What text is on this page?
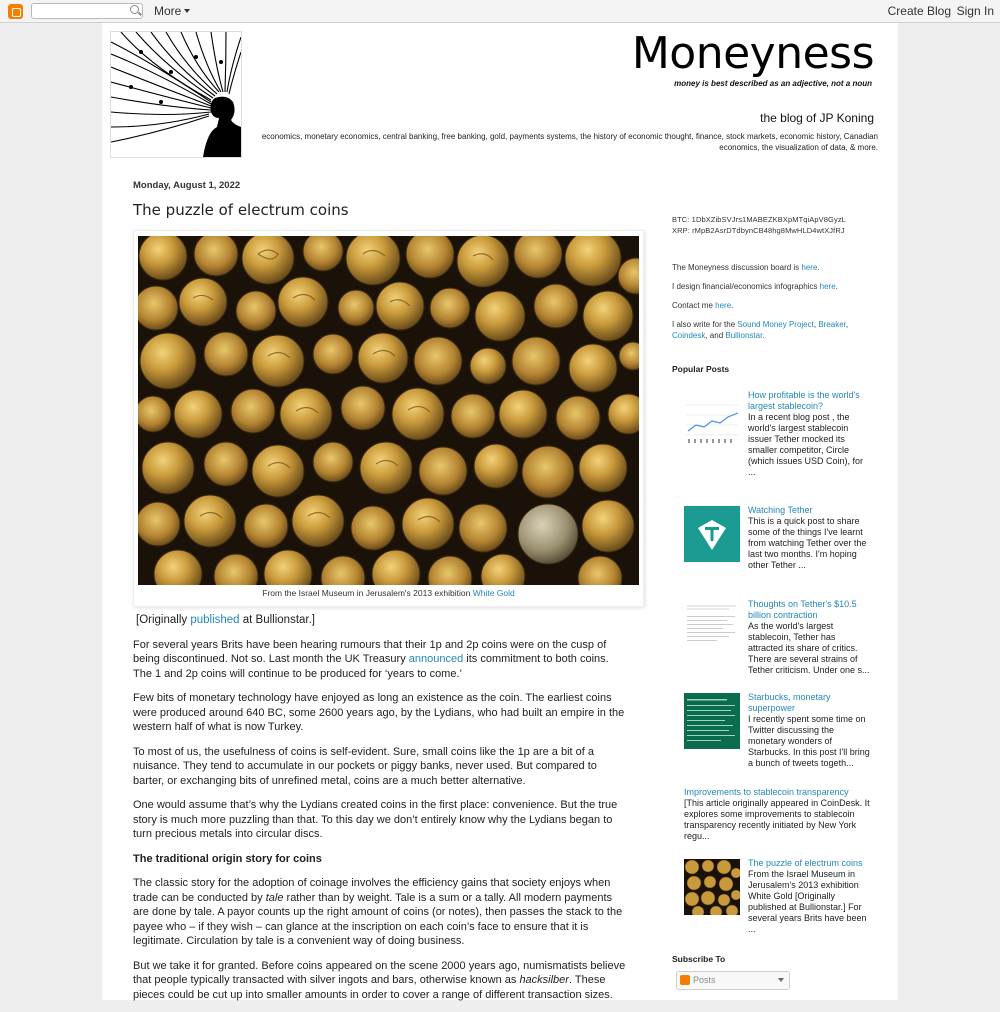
More	Create Blog Sign In
Moneyness
money is best described as an adjective, not a noun
the blog of JP Koning
economics, monetary economics, central banking, free banking, gold, payments systems, the history of economic thought, finance, stock markets, economic history, Canadian economics, the visualization of data, & more.
Monday, August 1, 2022
The puzzle of electrum coins
From the Israel Museum in Jerusalem's 2013 exhibition White Gold

[Originally published at Bullionstar.]

For several years Brits have been hearing rumours that their 1p and 2p coins were on the cusp of being discontinued. Not so. Last month the UK Treasury announced its commitment to both coins. The 1 and 2p coins will continue to be produced for ‘years to come.’

Few bits of monetary technology have enjoyed as long an existence as the coin. The earliest coins were produced around 640 BC, some 2600 years ago, by the Lydians, who had built an empire in the western half of what is now Turkey.

To most of us, the usefulness of coins is self-evident. Sure, small coins like the 1p are a bit of a nuisance. They tend to accumulate in our pockets or piggy banks, never used. But compared to barter, or exchanging bits of unrefined metal, coins are a much better alternative.

One would assume that’s why the Lydians created coins in the first place: convenience. But the true story is much more puzzling than that. To this day we don’t entirely know why the Lydians began to turn precious metals into circular discs.

The traditional origin story for coins

The classic story for the adoption of coinage involves the efficiency gains that society enjoys when trade can be conducted by tale rather than by weight. Tale is a sum or a tally. All modern payments are done by tale. A payor counts up the right amount of coins (or notes), then passes the stack to the payee who – if they wish – can glance at the inscription on each coin’s face to ensure that it is legitimate. Circulation by tale is a convenient way of doing business.

But we take it for granted. Before coins appeared on the scene 2000 years ago, numismatists believe that people typically transacted with silver ingots and bars, otherwise known as hacksilber. These pieces could be cut up into smaller amounts in order to cover a range of different transaction sizes.

BTC: 1DbXZibSVJrs1MABEZKBXpMTqiApV8GyzL
XRP: rMpB2AsrDTdbynCB48hg8MwHLD4wtXJfRJ

The Moneyness discussion board is here.

I design financial/economics infographics here.

Contact me here.

I also write for the Sound Money Project, Breaker, Coindesk, and Bullionstar.

Popular Posts
How profitable is the world's largest stablecoin?
In a recent blog post , the world's largest stablecoin issuer Tether mocked its smaller competitor, Circle (which issues USD Coin), for ...
Watching Tether
This is a quick post to share some of the things I've learnt from watching Tether over the last two months. I'm hoping other Tether ...
Thoughts on Tether's $10.5 billion contraction
As the world's largest stablecoin, Tether has attracted its share of critics. There are several strains of Tether criticism. Under one s...
Starbucks, monetary superpower
I recently spent some time on Twitter discussing the monetary wonders of Starbucks. In this post I'll bring a bunch of tweets togeth...
Improvements to stablecoin transparency
[This article originally appeared in CoinDesk. It explores some improvements to stablecoin transparency recently initiated by New York regu...
The puzzle of electrum coins
From the Israel Museum in Jerusalem's 2013 exhibition White Gold [Originally published at Bullionstar.] For several years Brits have been ...
Subscribe To
Posts
